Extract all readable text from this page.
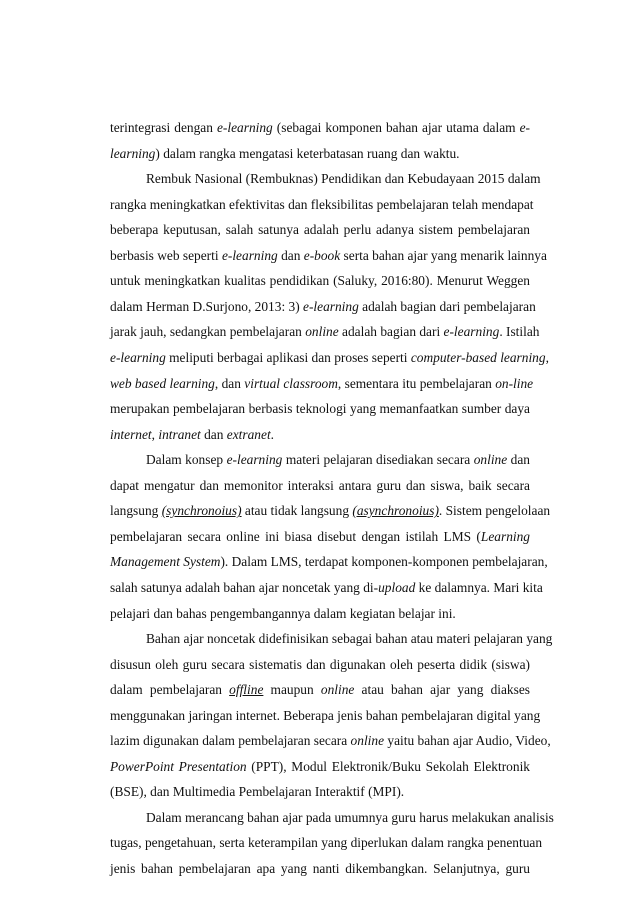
terintegrasi dengan e-learning (sebagai komponen bahan ajar utama dalam e-
learning) dalam rangka mengatasi keterbatasan ruang dan waktu.
Rembuk Nasional (Rembuknas) Pendidikan dan Kebudayaan 2015 dalam
rangka meningkatkan efektivitas dan fleksibilitas pembelajaran telah mendapat
beberapa keputusan, salah satunya adalah perlu adanya sistem pembelajaran
berbasis web seperti e-learning dan e-book serta bahan ajar yang menarik lainnya
untuk meningkatkan kualitas pendidikan (Saluky, 2016:80). Menurut Weggen
dalam Herman D.Surjono, 2013: 3) e-learning adalah bagian dari pembelajaran
jarak jauh, sedangkan pembelajaran online adalah bagian dari e-learning. Istilah
e-learning meliputi berbagai aplikasi dan proses seperti computer-based learning,
web based learning, dan virtual classroom, sementara itu pembelajaran on-line
merupakan pembelajaran berbasis teknologi yang memanfaatkan sumber daya
internet, intranet dan extranet.
Dalam konsep e-learning materi pelajaran disediakan secara online dan
dapat mengatur dan memonitor interaksi antara guru dan siswa, baik secara
langsung (synchronoius) atau tidak langsung (asynchronoius). Sistem pengelolaan
pembelajaran secara online ini biasa disebut dengan istilah LMS (Learning
Management System). Dalam LMS, terdapat komponen-komponen pembelajaran,
salah satunya adalah bahan ajar noncetak yang di-upload ke dalamnya. Mari kita
pelajari dan bahas pengembangannya dalam kegiatan belajar ini.
Bahan ajar noncetak didefinisikan sebagai bahan atau materi pelajaran yang
disusun oleh guru secara sistematis dan digunakan oleh peserta didik (siswa)
dalam pembelajaran offline maupun online atau bahan ajar yang diakses
menggunakan jaringan internet. Beberapa jenis bahan pembelajaran digital yang
lazim digunakan dalam pembelajaran secara online yaitu bahan ajar Audio, Video,
PowerPoint Presentation (PPT), Modul Elektronik/Buku Sekolah Elektronik
(BSE), dan Multimedia Pembelajaran Interaktif (MPI).
Dalam merancang bahan ajar pada umumnya guru harus melakukan analisis
tugas, pengetahuan, serta keterampilan yang diperlukan dalam rangka penentuan
jenis bahan pembelajaran apa yang nanti dikembangkan. Selanjutnya, guru
